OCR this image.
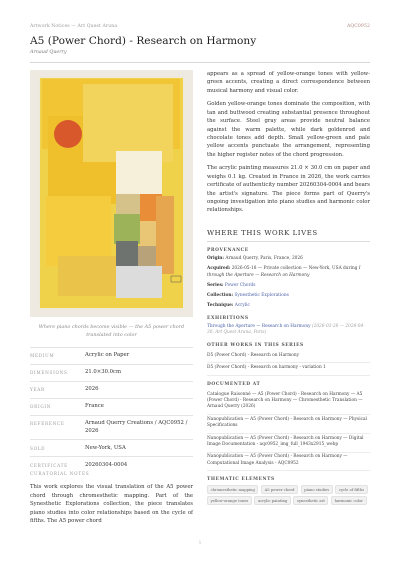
Artwork Notices — Art Quest Aruna	AQC0952
A5 (Power Chord) - Research on Harmony
Arnaud Querry
Where piano chords become visible — the A5 power chord translated into color
MEDIUM	Acrylic on Paper
DIMENSIONS	21.0×30.0cm
YEAR	2026
ORIGIN	France
REFERENCE	Arnaud Querry Creations / AQC0952 / 2026
SOLD	New-York, USA
CERTIFICATE	20260304-0004
CURATORIAL NOTES
This work explores the visual translation of the A5 power chord through chromesthetic mapping. Part of the Synesthetic Explorations collection, the piece translates piano studies into color relationships based on the cycle of fifths. The A5 power chord

appears as a spread of yellow-orange tones with yellow-green accents, creating a direct correspondence between musical harmony and visual color.

Golden yellow-orange tones dominate the composition, with tan and buttwood creating substantial presence throughout the surface. Steel gray areas provide neutral balance against the warm palette, while dark goldenrod and chocolate tones add depth. Small yellow-green and pale yellow accents punctuate the arrangement, representing the higher register notes of the chord progression.

The acrylic painting measures 21.0 × 30.0 cm on paper and weighs 0.1 kg. Created in France in 2026, the work carries certificate of authenticity number 20260304-0004 and bears the artist's signature. The piece forms part of Querry's ongoing investigation into piano studies and harmonic color relationships.

WHERE THIS WORK LIVES
PROVENANCE
Origin: Arnaud Querry, Paris, France, 2026
Acquired: 2026-05-18 — Private collection — New-York, USA during I through the Aperture — Research on Harmony
Series: Power Chords
Collection: Synesthetic Explorations
Technique: Acrylic
EXHIBITIONS
Through the Aperture — Research on Harmony (2026-03-28 — 2026-04-30, Art Quest Aruna, Paris)
OTHER WORKS IN THIS SERIES
D5 (Power Chord) - Research on Harmony
D5 (Power Chord) - Research on harmony - variation 1
DOCUMENTED AT
Catalogue Raisonné — A5 (Power Chord) - Research on Harmony — A5 (Power Chord) - Research on Harmony — Chromesthetic Translation — Arnaud Querry (2026)
Nanopublication — A5 (Power Chord) - Research on Harmony — Physical Specifications
Nanopublication — A5 (Power Chord) - Research on Harmony — Digital Image Documentation - aqc0952_img_full_1943x2915_webp
Nanopublication — A5 (Power Chord) - Research on Harmony — Computational Image Analysis - AQC0952
THEMATIC ELEMENTS
chromesthetic mapping	A5 power chord	piano studies	cycle of fifths
yellow-orange tones	acrylic painting	synesthetic art	harmonic color
1
